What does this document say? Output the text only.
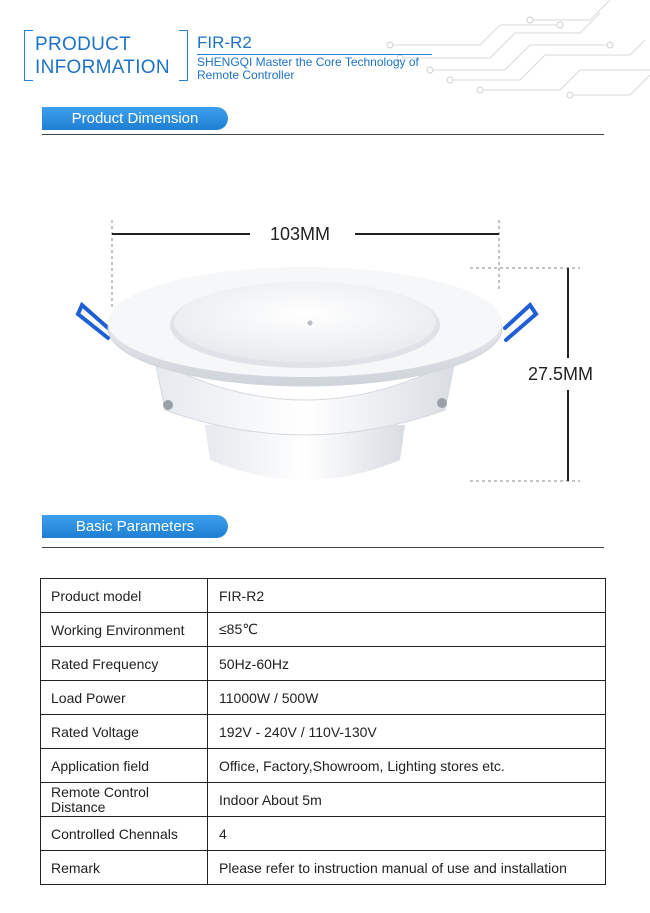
PRODUCT
INFORMATION
FIR-R2
SHENGQI Master the Core Technology of
Remote Controller
Product Dimension
103MM
27.5MM
Basic Parameters
Product model	FIR-R2
Working Environment	≤85℃
Rated Frequency	50Hz-60Hz
Load Power	11000W / 500W
Rated Voltage	192V - 240V / 110V-130V
Application field	Office, Factory,Showroom, Lighting stores etc.
Remote Control Distance	Indoor About 5m
Controlled Chennals	4
Remark	Please refer to instruction manual of use and installation
